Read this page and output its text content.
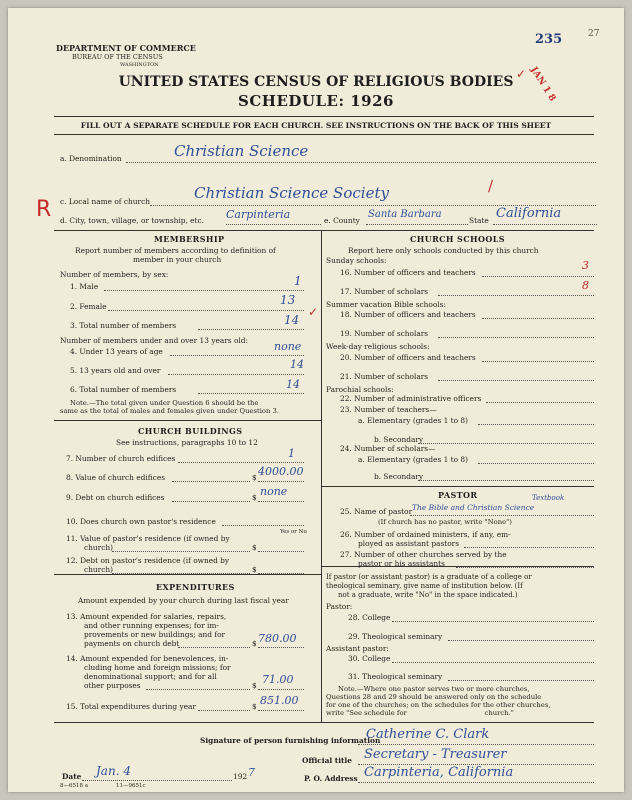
DEPARTMENT OF COMMERCE
BUREAU OF THE CENSUS
WASHINGTON
UNITED STATES CENSUS OF RELIGIOUS BODIES
SCHEDULE: 1926
FILL OUT A SEPARATE SCHEDULE FOR EACH CHURCH. SEE INSTRUCTIONS ON THE BACK OF THIS SHEET
235	27
JAN 1 8
✓
a. Denomination	Christian Science
c. Local name of church	Christian Science Society	/
R d. City, town, village, or township, etc. Carpinteria	e. County
Santa Barbara
State California
MEMBERSHIP
Report number of members according to definition of
member in your church
Number of members, by sex:
1. Male	1
2. Female	13
3. Total number of members	14
✓
Number of members under and over 13 years old:
4. Under 13 years of age	none
5. 13 years old and over	14
6. Total number of members	14
Note.—The total given under Question 6 should be the
same as the total of males and females given under Question 3.
CHURCH BUILDINGS
See instructions, paragraphs 10 to 12
7. Number of church edifices	1
8. Value of church edifices	$ 4000.00
9. Debt on church edifices	$ none
10. Does church own pastor's residence
Yes or No
11. Value of pastor's residence (if owned by
church)	$
12. Debt on pastor's residence (if owned by
church)	$
EXPENDITURES
Amount expended by your church during last fiscal year
13. Amount expended for salaries, repairs,
and other running expenses; for im-
provements or new buildings; and for
payments on church debt	$ 780.00
14. Amount expended for benevolences, in-
cluding home and foreign missions; for
denominational support; and for all
other purposes	$ 71.00
15. Total expenditures during year	$ 851.00
CHURCH SCHOOLS
Report here only schools conducted by this church
Sunday schools:
16. Number of officers and teachers
3
17. Number of scholars	8
Summer vacation Bible schools:
18. Number of officers and teachers
19. Number of scholars
Week-day religious schools:
20. Number of officers and teachers
21. Number of scholars
Parochial schools:
22. Number of administrative officers
23. Number of teachers—
a. Elementary (grades 1 to 8)
b. Secondary
24. Number of scholars—
a. Elementary (grades 1 to 8)
b. Secondary
PASTOR
25. Name of pastor The Bible and Christian Science
Textbook
(If church has no pastor, write "None")
26. Number of ordained ministers, if any, em-
ployed as assistant pastors
27. Number of other churches served by the
pastor or his assistants
If pastor (or assistant pastor) is a graduate of a college or
theological seminary, give name of institution below. (If
not a graduate, write "No" in the space indicated.)
Pastor:
28. College
29. Theological seminary
Assistant pastor:
30. College
31. Theological seminary
Note.—Where one pastor serves two or more churches,
Questions 28 and 29 should be answered only on the schedule
for one of the churches; on the schedules for the other churches,
write "See schedule for                                    church."
Signature of person furnishing information
Catherine C. Clark
Official title Secretary - Treasurer
Date Jan. 4	192 7
8—6518 a	11—9651c
P. O. Address Carpinteria, California
